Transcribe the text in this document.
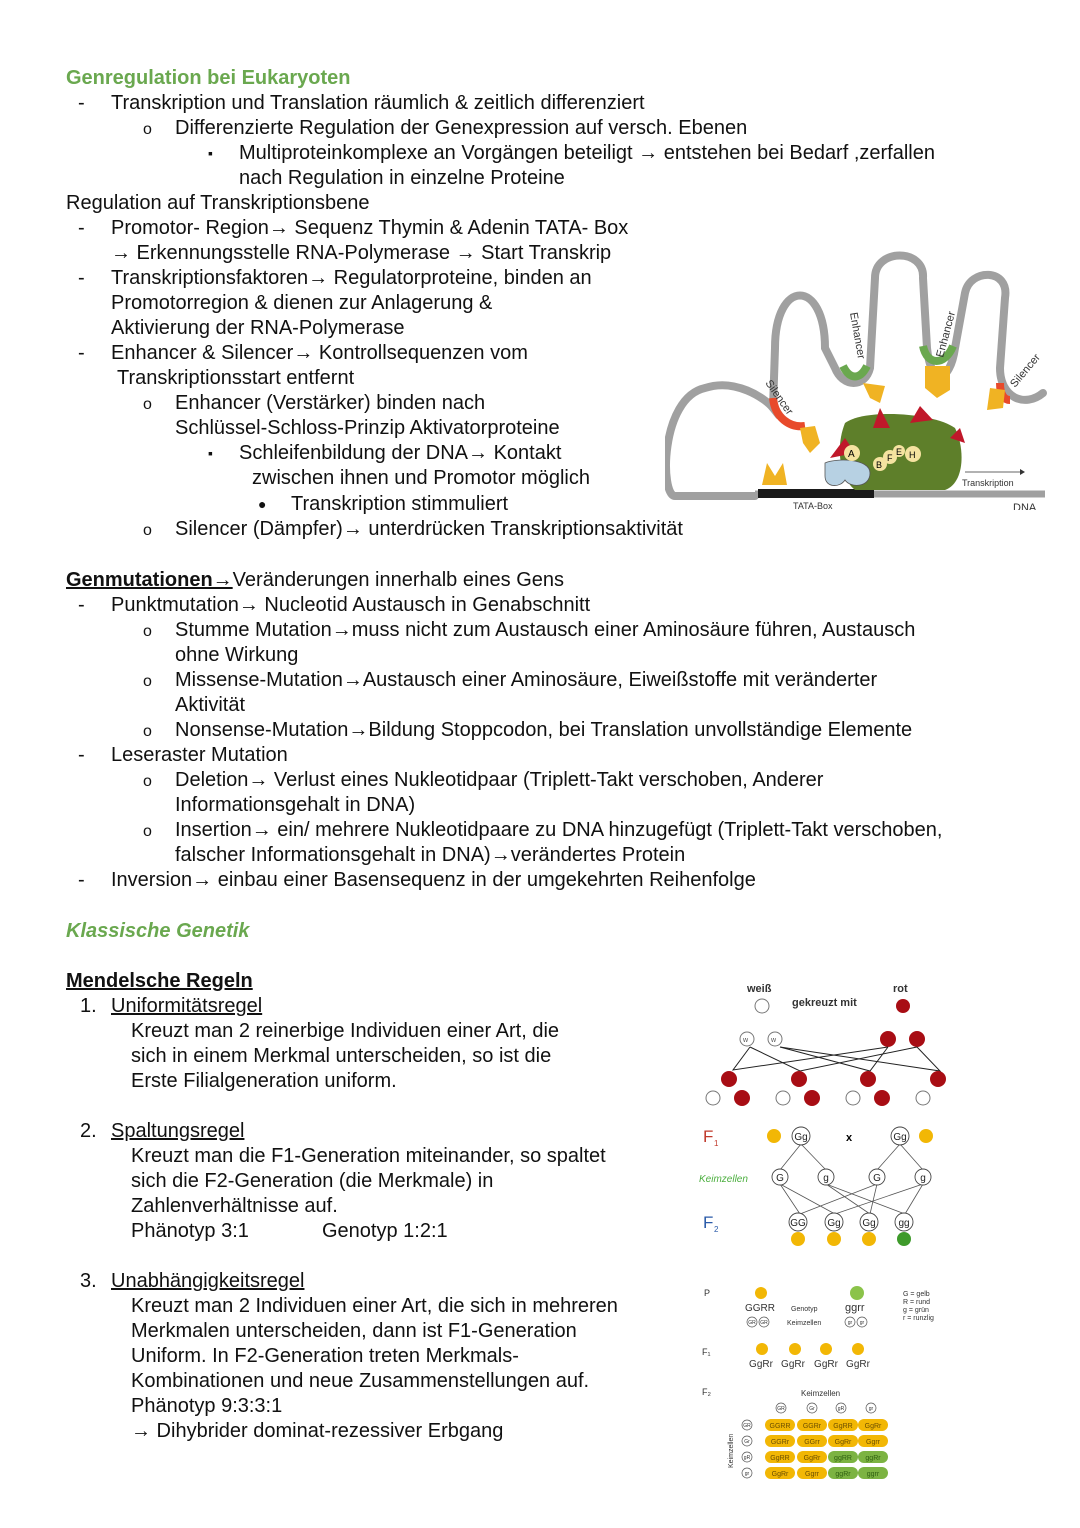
Genregulation bei Eukaryoten
- Transkription und Translation räumlich & zeitlich differenziert
o Differenzierte Regulation der Genexpression auf versch. Ebenen
▪ Multiproteinkomplexe an Vorgängen beteiligt → entstehen bei Bedarf ,zerfallen
nach Regulation in einzelne Proteine
Regulation auf Transkriptionsbene
- Promotor- Region→ Sequenz Thymin & Adenin TATA- Box
→ Erkennungsstelle RNA-Polymerase → Start Transkrip
- Transkriptionsfaktoren→ Regulatorproteine, binden an
Promotorregion & dienen zur Anlagerung &
Aktivierung der RNA-Polymerase
- Enhancer & Silencer→ Kontrollsequenzen vom
Transkriptionsstart entfernt
o Enhancer (Verstärker) binden nach
Schlüssel-Schloss-Prinzip Aktivatorproteine
▪ Schleifenbildung der DNA→ Kontakt
zwischen ihnen und Promotor möglich
● Transkription stimmuliert
o Silencer (Dämpfer)→ unterdrücken Transkriptionsaktivität
Silencer
Enhancer	Enhancer
Silencer
A
B
F
E H
Transkription
TATA-Box	DNA
Genmutationen→Veränderungen innerhalb eines Gens
- Punktmutation→ Nucleotid Austausch in Genabschnitt
o Stumme Mutation→muss nicht zum Austausch einer Aminosäure führen, Austausch
ohne Wirkung
o Missense-Mutation→Austausch einer Aminosäure, Eiweißstoffe mit veränderter
Aktivität
o Nonsense-Mutation→Bildung Stoppcodon, bei Translation unvollständige Elemente
- Leseraster Mutation
o Deletion→ Verlust eines Nukleotidpaar (Triplett-Takt verschoben, Anderer
Informationsgehalt in DNA)
o Insertion→ ein/ mehrere Nukleotidpaare zu DNA hinzugefügt (Triplett-Takt verschoben,
falscher Informationsgehalt in DNA)→verändertes Protein
- Inversion→ einbau einer Basensequenz in der umgekehrten Reihenfolge
Klassische Genetik
Mendelsche Regeln
1. Uniformitätsregel
Kreuzt man 2 reinerbige Individuen einer Art, die
sich in einem Merkmal unterscheiden, so ist die
Erste Filialgeneration uniform.
2. Spaltungsregel
Kreuzt man die F1-Generation miteinander, so spaltet
sich die F2-Generation (die Merkmale) in
Zahlenverhältnisse auf.
Phänotyp 3:1	Genotyp 1:2:1
3. Unabhängigkeitsregel
Kreuzt man 2 Individuen einer Art, die sich in mehreren
Merkmalen unterscheiden, dann ist F1-Generation
Uniform. In F2-Generation treten Merkmals-
Kombinationen und neue Zusammenstellungen auf.
Phänotyp 9:3:3:1
→ Dihybrider dominat-rezessiver Erbgang
weiß	rot
gekreuzt mit
w	w
F 1
Keimzellen
F 2
x
Gg	Gg
G	g	G	g
GG Gg Gg gg
P
F₁
F₂
GGRR	ggrr
Genotyp
Keimzellen
GR GR	gr gr
G = gelb
R = rund
g = grün
r = runzlig
GgRr GgRr GgRr GgRr
Keimzellen
Keimzellen
GR	Gr	gR	gr
GR
Gr
gR
gr
GGRR GGRr GgRR GgRr
GGRr GGrr GgRr Ggrr
GgRR GgRr ggRR ggRr
GgRr Ggrr ggRr ggrr
